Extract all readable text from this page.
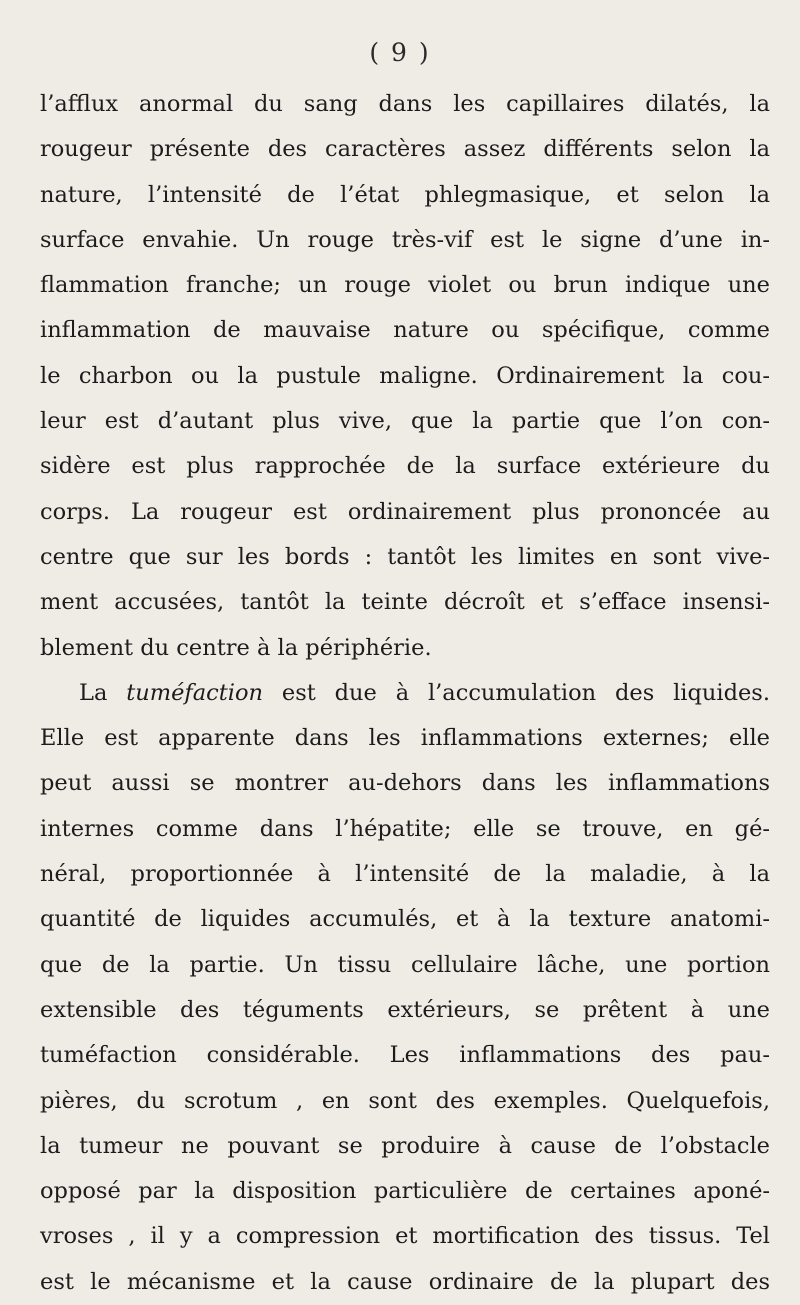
( 9 )
l’afflux anormal du sang dans les capillaires dilatés, la
rougeur présente des caractères assez différents selon la
nature, l’intensité de l’état phlegmasique, et selon la
surface envahie. Un rouge très-vif est le signe d’une in-
flammation franche; un rouge violet ou brun indique une
inflammation de mauvaise nature ou spécifique, comme
le charbon ou la pustule maligne. Ordinairement la cou-
leur est d’autant plus vive, que la partie que l’on con-
sidère est plus rapprochée de la surface extérieure du
corps. La rougeur est ordinairement plus prononcée au
centre que sur les bords : tantôt les limites en sont vive-
ment accusées, tantôt la teinte décroît et s’efface insensi-
blement du centre à la périphérie.
La tuméfaction est due à l’accumulation des liquides.
Elle est apparente dans les inflammations externes; elle
peut aussi se montrer au-dehors dans les inflammations
internes comme dans l’hépatite; elle se trouve, en gé-
néral, proportionnée à l’intensité de la maladie, à la
quantité de liquides accumulés, et à la texture anatomi-
que de la partie. Un tissu cellulaire lâche, une portion
extensible des téguments extérieurs, se prêtent à une
tuméfaction considérable. Les inflammations des pau-
pières, du scrotum , en sont des exemples. Quelquefois,
la tumeur ne pouvant se produire à cause de l’obstacle
opposé par la disposition particulière de certaines aponé-
vroses , il y a compression et mortification des tissus. Tel
est le mécanisme et la cause ordinaire de la plupart des
